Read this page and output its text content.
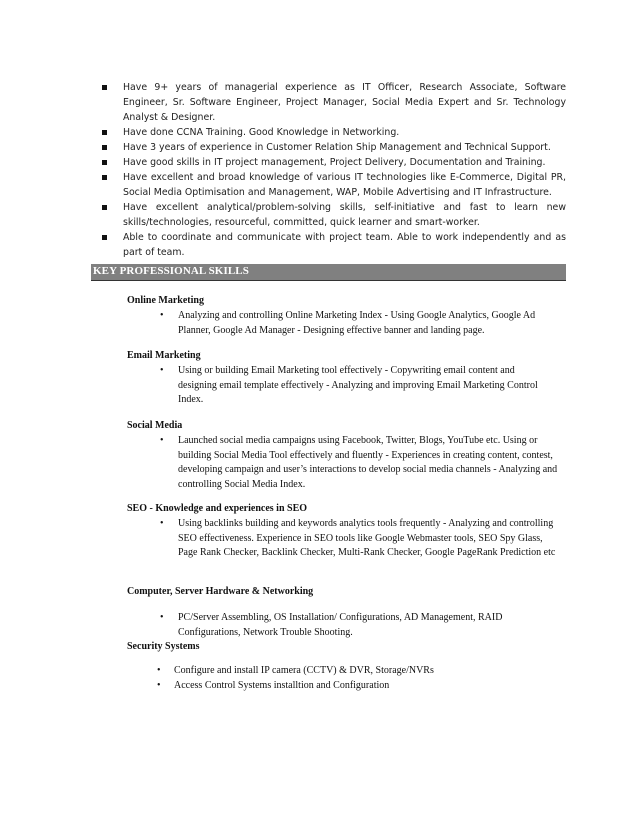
Have 9+ years of managerial experience as IT Officer, Research Associate, Software Engineer, Sr. Software Engineer, Project Manager, Social Media Expert and Sr. Technology Analyst & Designer.
Have done CCNA Training. Good Knowledge in Networking.
Have 3 years of experience in Customer Relation Ship Management and Technical Support.
Have good skills in IT project management, Project Delivery, Documentation and Training.
Have excellent and broad knowledge of various IT technologies like E-Commerce, Digital PR, Social Media Optimisation and Management, WAP, Mobile Advertising and IT Infrastructure.
Have excellent analytical/problem-solving skills, self-initiative and fast to learn new skills/technologies, resourceful, committed, quick learner and smart-worker.
Able to coordinate and communicate with project team. Able to work independently and as part of team.
KEY PROFESSIONAL SKILLS
Online Marketing
• Analyzing and controlling Online Marketing Index - Using Google Analytics, Google Ad Planner, Google Ad Manager - Designing effective banner and landing page.
Email Marketing
• Using or building Email Marketing tool effectively - Copywriting email content and designing email template effectively - Analyzing and improving Email Marketing Control Index.
Social Media
• Launched social media campaigns using Facebook, Twitter, Blogs, YouTube etc. Using or building Social Media Tool effectively and fluently - Experiences in creating content, contest, developing campaign and user’s interactions to develop social media channels - Analyzing and controlling Social Media Index.
SEO - Knowledge and experiences in SEO
• Using backlinks building and keywords analytics tools frequently - Analyzing and controlling SEO effectiveness. Experience in SEO tools like Google Webmaster tools, SEO Spy Glass, Page Rank Checker, Backlink Checker, Multi-Rank Checker, Google PageRank Prediction etc
Computer, Server Hardware & Networking
• PC/Server Assembling, OS Installation/ Configurations, AD Management, RAID Configurations, Network Trouble Shooting.
Security Systems
• Configure and install IP camera (CCTV) & DVR, Storage/NVRs
• Access Control Systems installtion and Configuration
